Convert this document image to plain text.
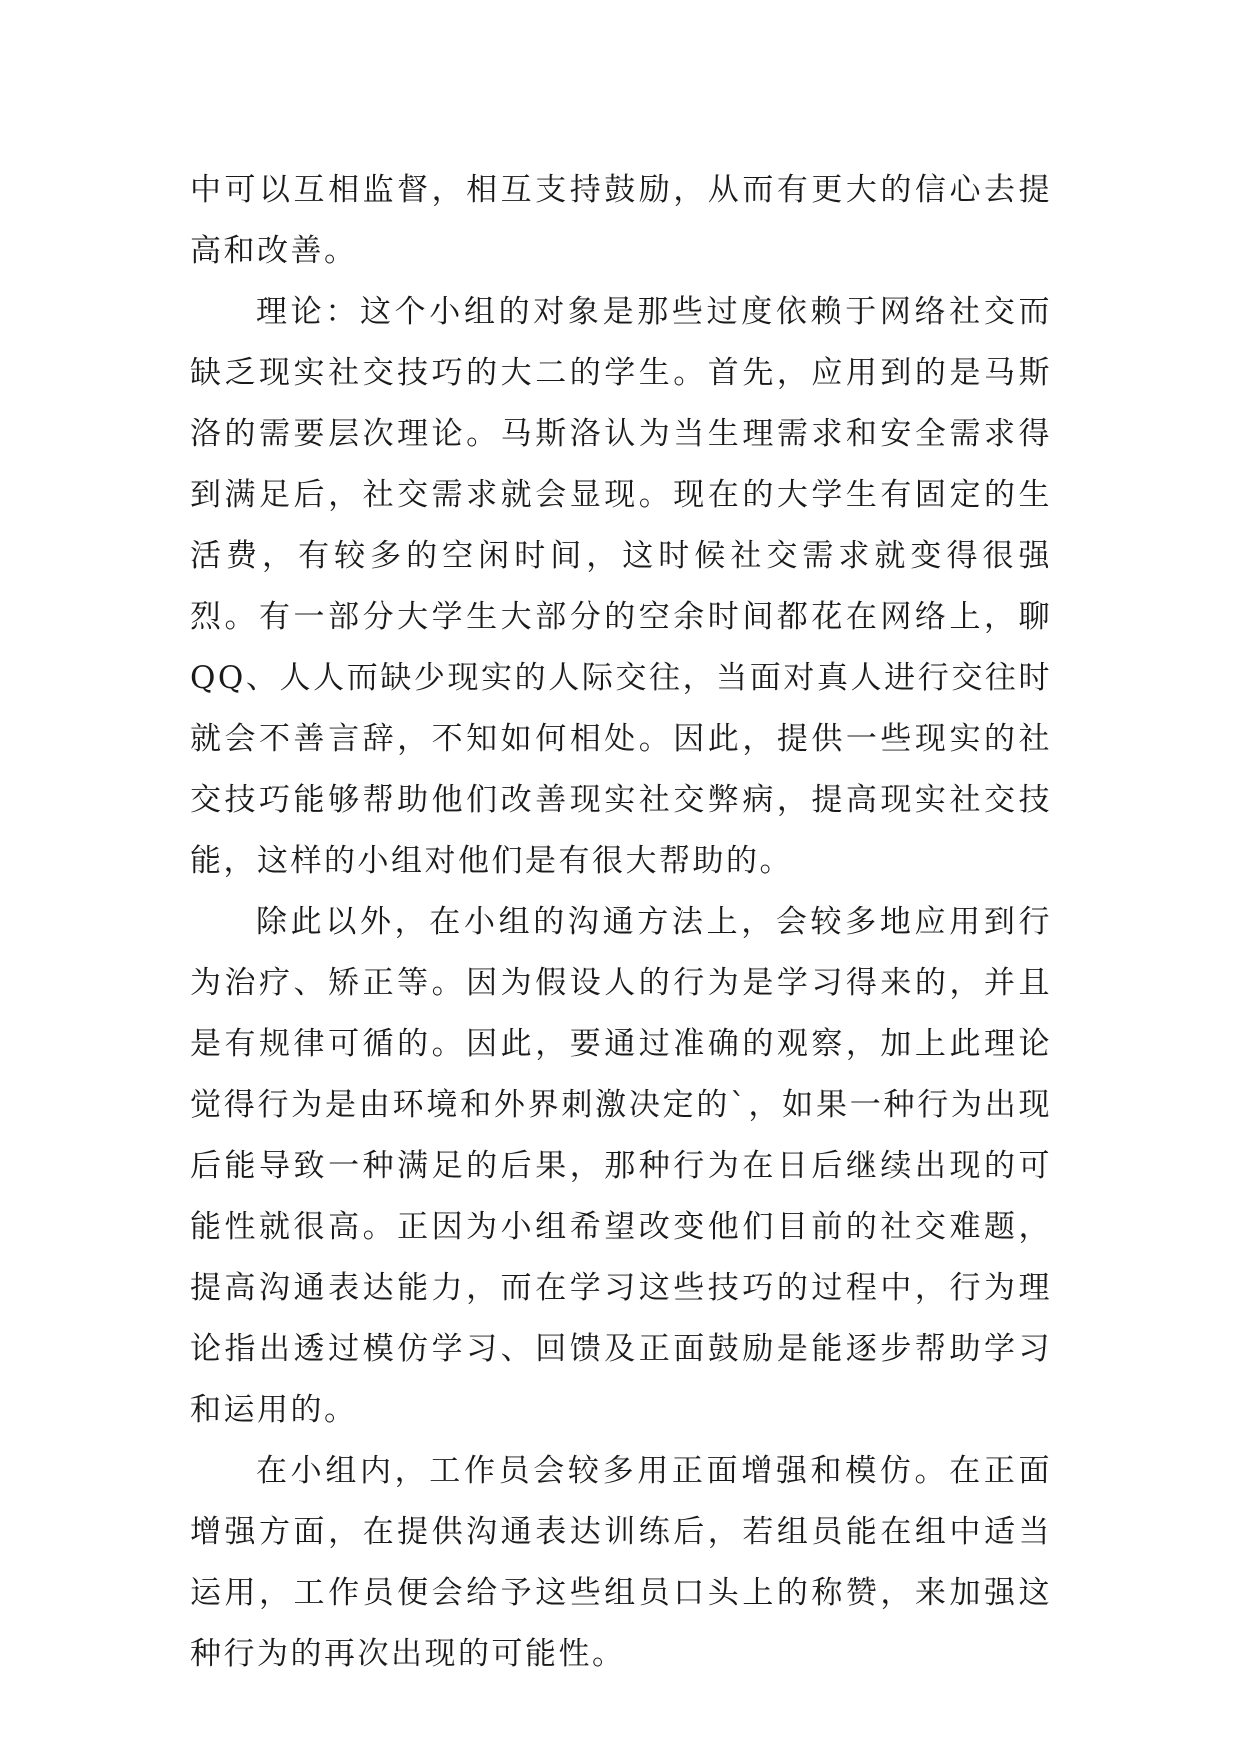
中可以互相监督，相互支持鼓励，从而有更大的信心去提高和改善。

理论：这个小组的对象是那些过度依赖于网络社交而缺乏现实社交技巧的大二的学生。首先，应用到的是马斯洛的需要层次理论。马斯洛认为当生理需求和安全需求得到满足后，社交需求就会显现。现在的大学生有固定的生活费，有较多的空闲时间，这时候社交需求就变得很强烈。有一部分大学生大部分的空余时间都花在网络上，聊QQ、人人而缺少现实的人际交往，当面对真人进行交往时就会不善言辞，不知如何相处。因此，提供一些现实的社交技巧能够帮助他们改善现实社交弊病，提高现实社交技能，这样的小组对他们是有很大帮助的。

除此以外，在小组的沟通方法上，会较多地应用到行为治疗、矫正等。因为假设人的行为是学习得来的，并且是有规律可循的。因此，要通过准确的观察，加上此理论觉得行为是由环境和外界刺激决定的`，如果一种行为出现后能导致一种满足的后果，那种行为在日后继续出现的可能性就很高。正因为小组希望改变他们目前的社交难题，提高沟通表达能力，而在学习这些技巧的过程中，行为理论指出透过模仿学习、回馈及正面鼓励是能逐步帮助学习和运用的。

在小组内，工作员会较多用正面增强和模仿。在正面增强方面，在提供沟通表达训练后，若组员能在组中适当运用，工作员便会给予这些组员口头上的称赞，来加强这种行为的再次出现的可能性。
